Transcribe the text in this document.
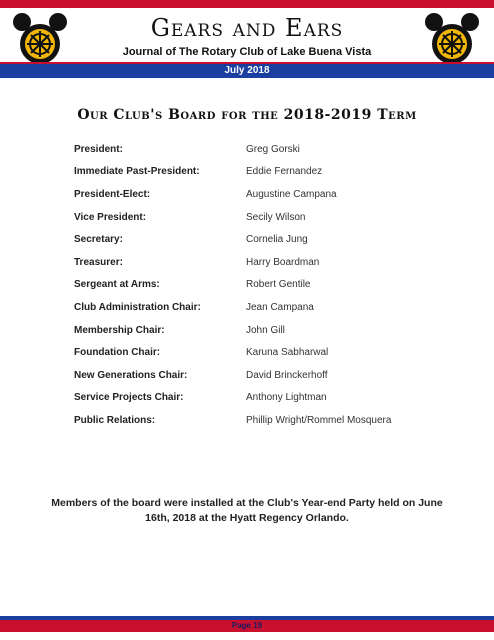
Gears and Ears
Journal of The Rotary Club of Lake Buena Vista
July 2018
Our Club's Board for the 2018-2019 Term
President:	Greg Gorski
Immediate Past-President:	Eddie Fernandez
President-Elect:	Augustine Campana
Vice President:	Secily Wilson
Secretary:	Cornelia Jung
Treasurer:	Harry Boardman
Sergeant at Arms:	Robert Gentile
Club Administration Chair:	Jean Campana
Membership Chair:	John Gill
Foundation Chair:	Karuna Sabharwal
New Generations Chair:	David Brinckerhoff
Service Projects Chair:	Anthony Lightman
Public Relations:	Phillip Wright/Rommel Mosquera
Members of the board were installed at the Club's Year-end Party held on June 16th, 2018 at the Hyatt Regency Orlando.
Page 19
